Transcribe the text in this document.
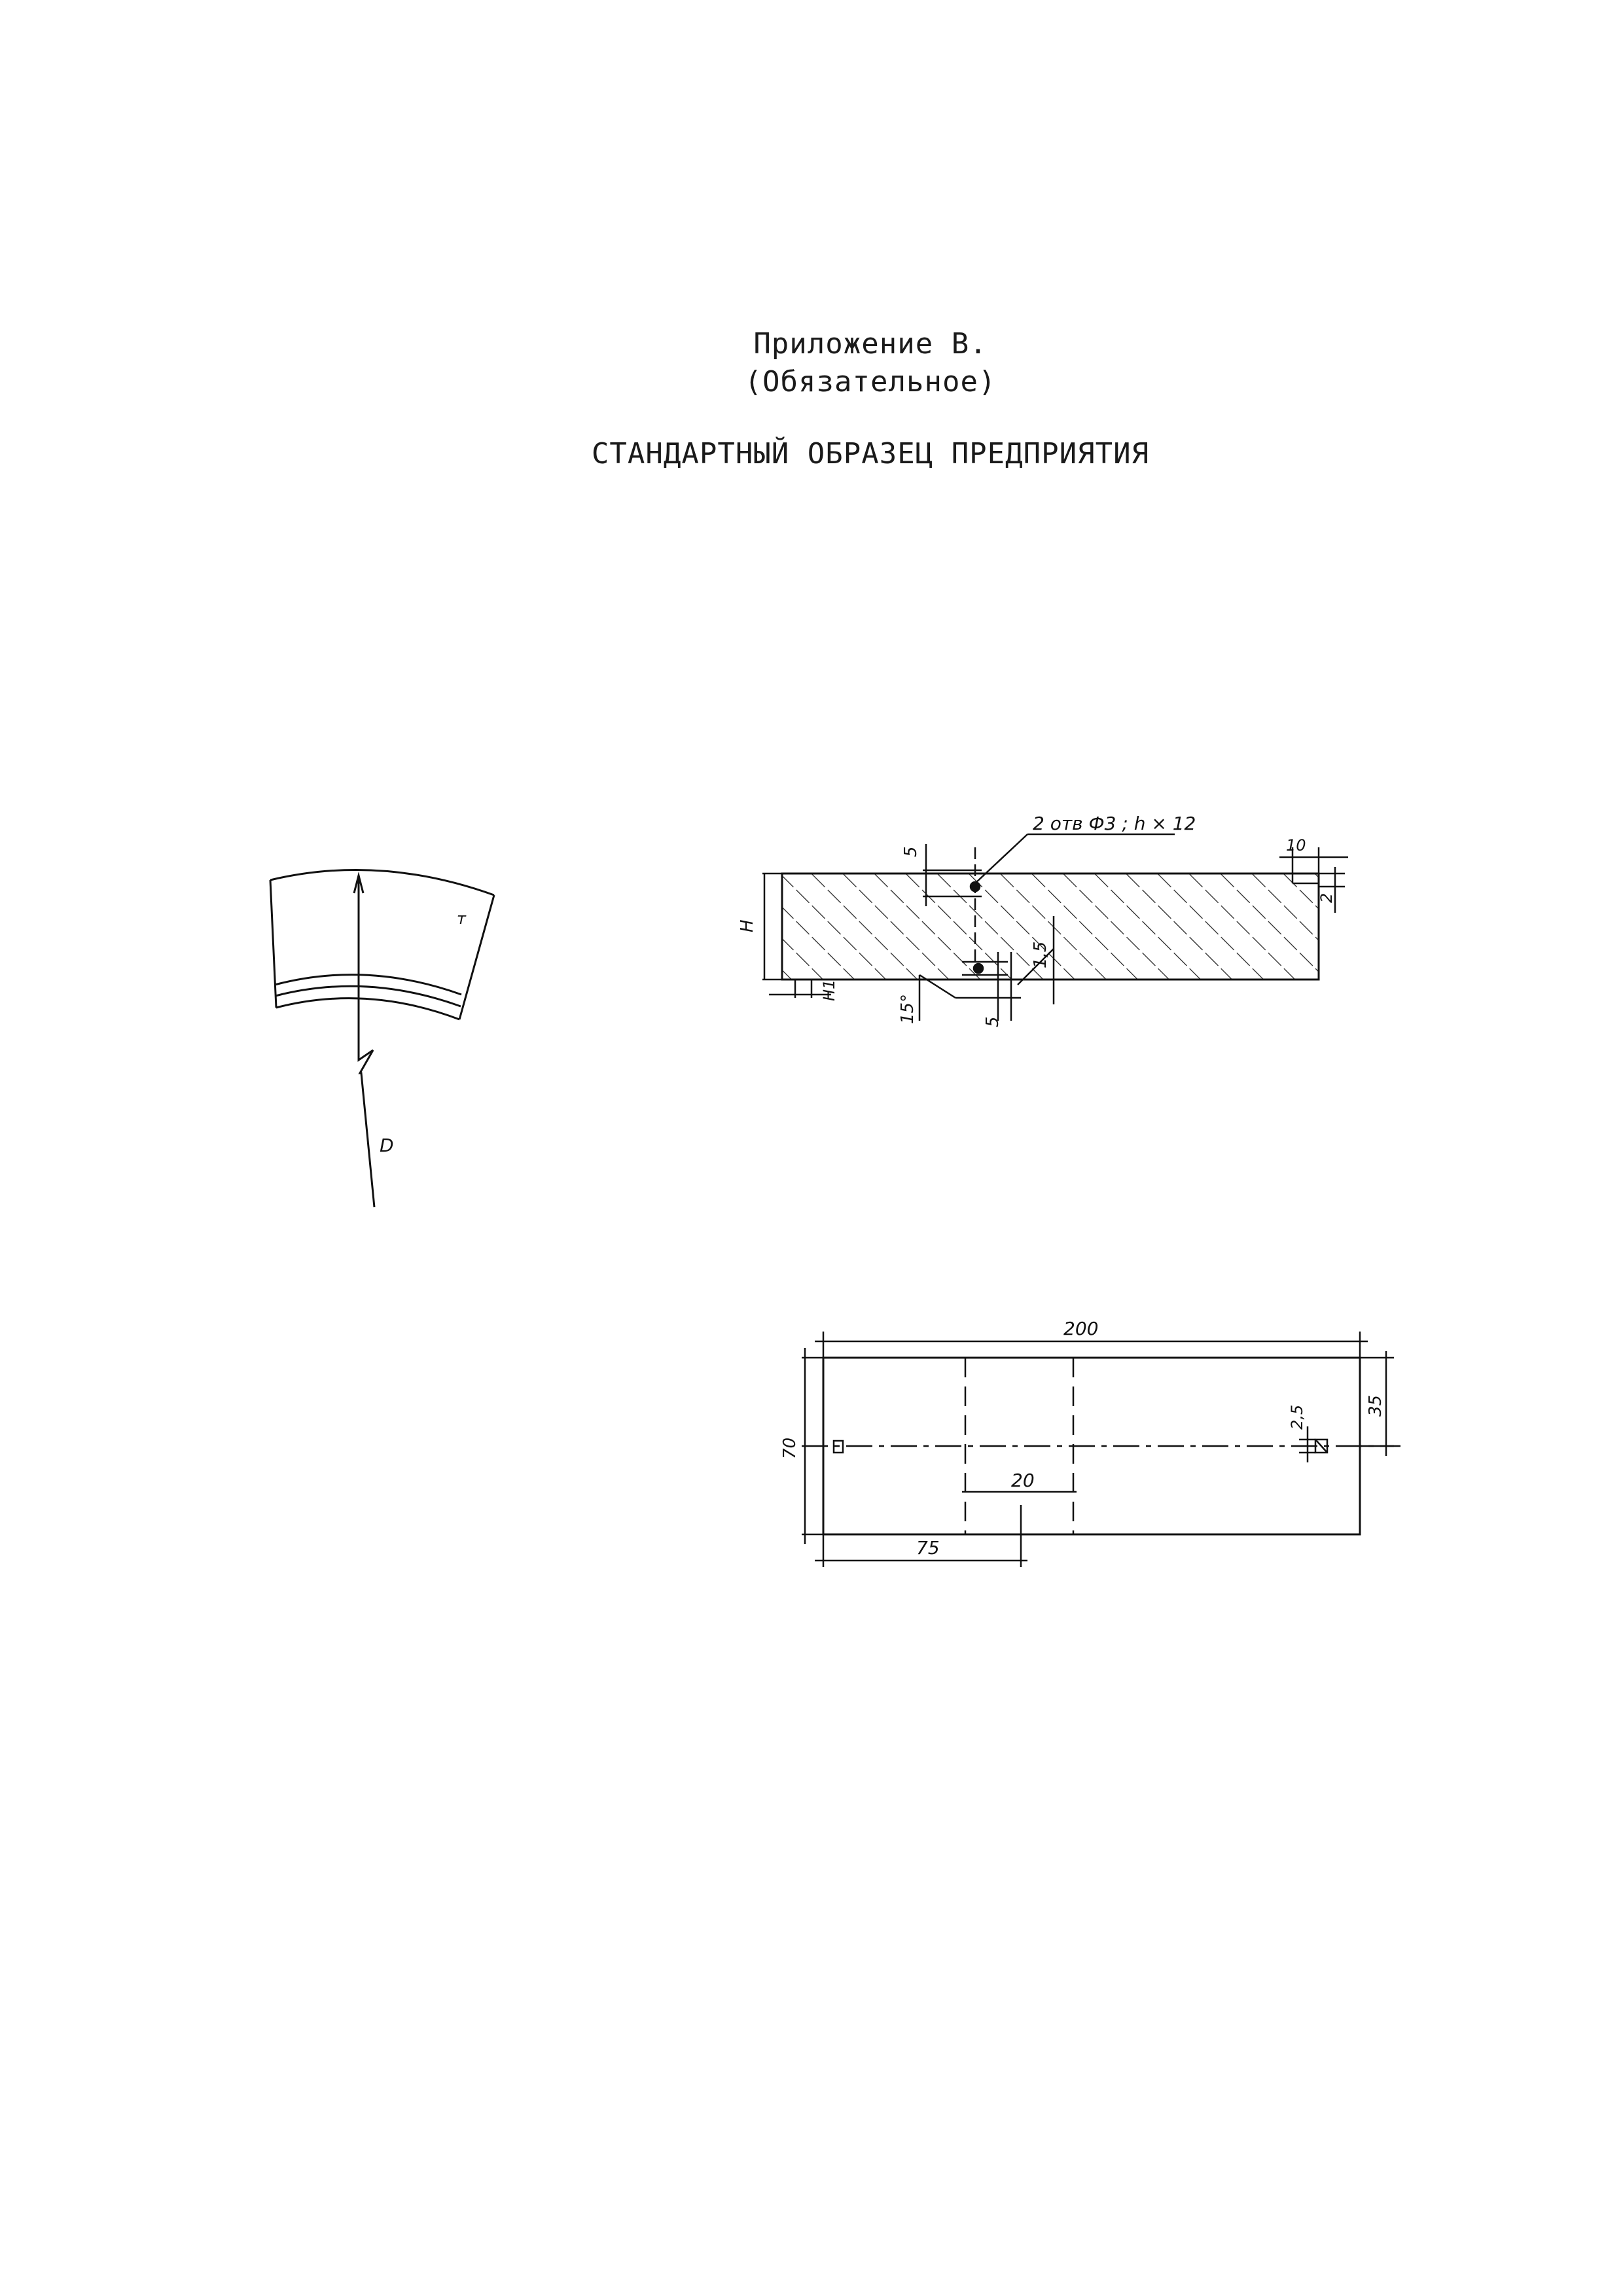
Приложение В.
(Обязательное)
СТАНДАРТНЫЙ ОБРАЗЕЦ ПРЕДПРИЯТИЯ
т
D
2 отв Ф3 ; h × 12
5	10
2
H
H1
15°	5
1,5
200
70
35
2,5
20
75
